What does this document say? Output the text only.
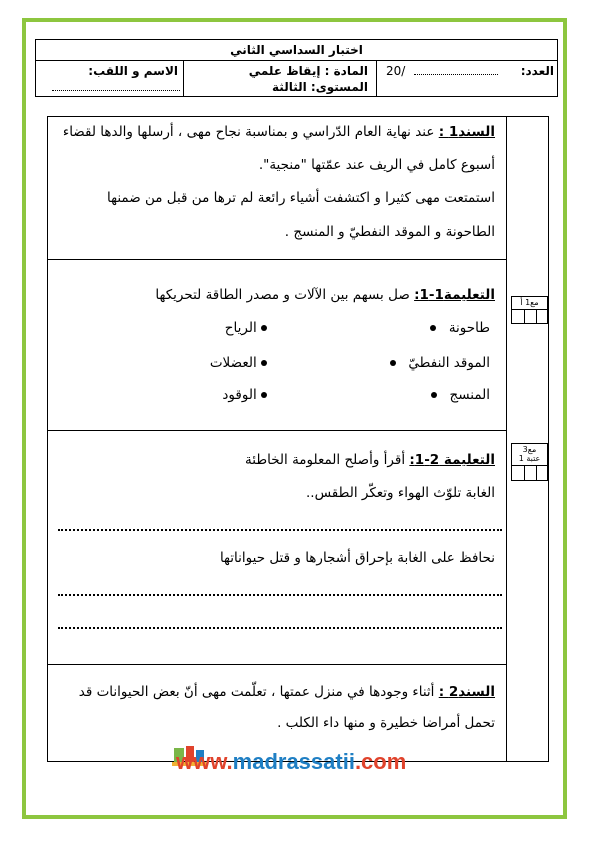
اختبار السداسي الثاني
الاسم و اللقب:	المادة : إيقاظ علمي
المستوى: الثالثة
العدد:
20/
السند1 : عند نهاية العام الدّراسي و بمناسبة نجاح مهى ، أرسلها والدها لقضاء
أسبوع كامل في الريف عند عمّتها "منجية".
استمتعت مهى كثيرا و اكتشفت أشياء رائعة لم ترها من قبل من ضمنها
الطاحونة و الموقد النفطيّ و المنسج .
التعليمة1-1: صل بسهم بين الآلات و مصدر الطاقة لتحريكها
طاحونة
الموقد النفطيّ
المنسج
الرياح
العضلات
الوقود
مع1 أ
التعليمة 2-1: أقرأ وأصلح المعلومة الخاطئة
الغابة تلوّث الهواء وتعكّر الطقس..
نحافظ على الغابة بإحراق أشجارها و قتل حيواناتها
مع3
عتبة 1
السند2 : أثناء وجودها في منزل عمتها ، تعلّمت مهى أنّ بعض الحيوانات قد
تحمل أمراضا خطيرة و منها داء الكلب .
www.madrassatii.com
